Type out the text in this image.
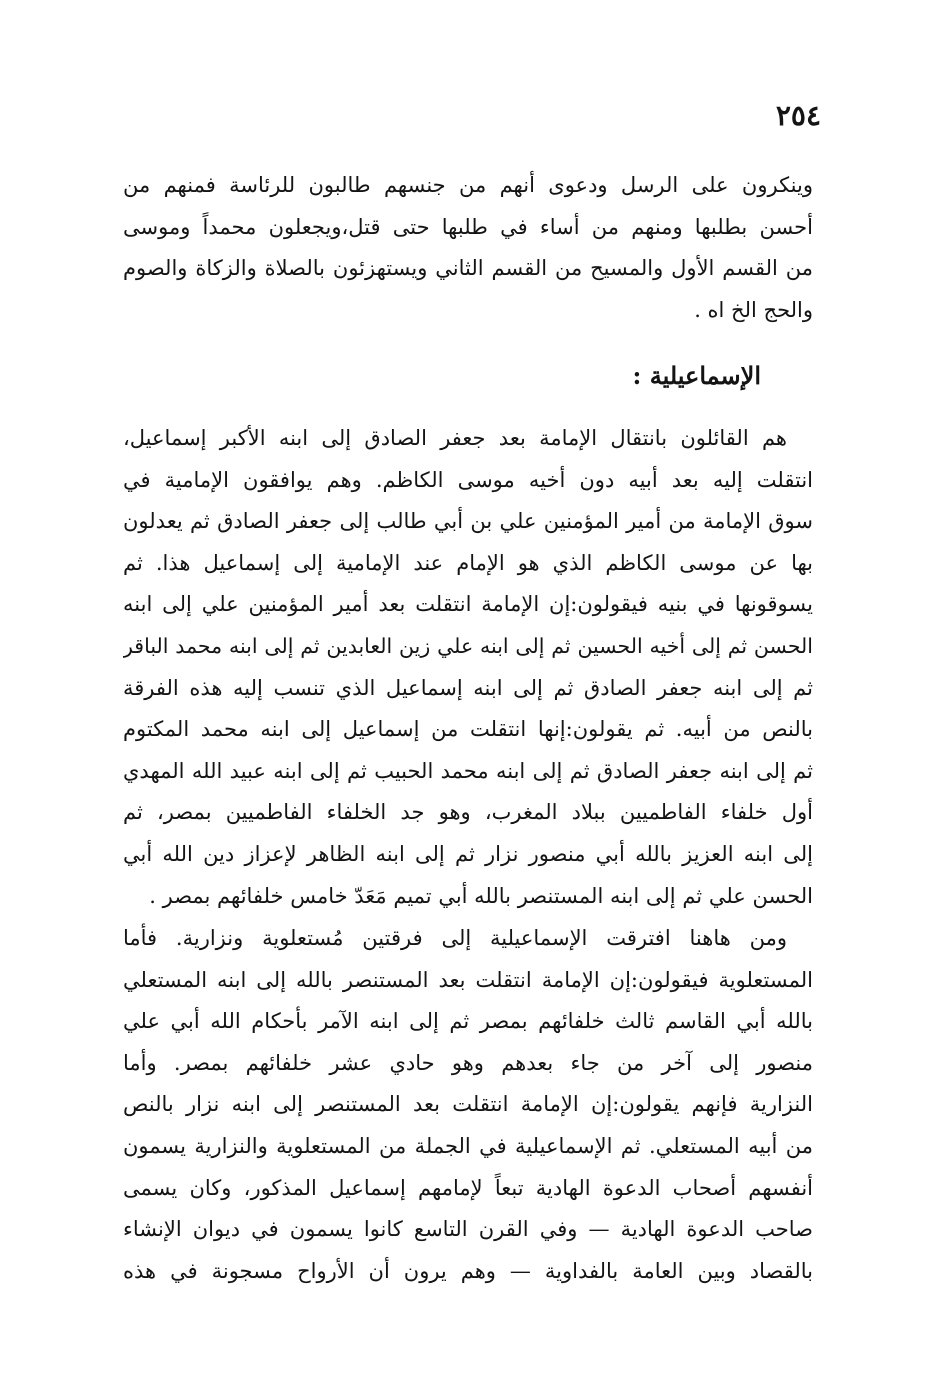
٢٥٤
وينكرون على الرسل ودعوى أنهم من جنسهم طالبون للرئاسة فمنهم من
أحسن بطلبها ومنهم من أساء في طلبها حتى قتل،ويجعلون محمداً وموسى
من القسم الأول والمسيح من القسم الثاني ويستهزئون بالصلاة والزكاة والصوم
والحج الخ اه .
الإسماعيلية :
هم القائلون بانتقال الإمامة بعد جعفر الصادق إلى ابنه الأكبر إسماعيل،
انتقلت إليه بعد أبيه دون أخيه موسى الكاظم. وهم يوافقون الإمامية في
سوق الإمامة من أمير المؤمنين علي بن أبي طالب إلى جعفر الصادق ثم يعدلون
بها عن موسى الكاظم الذي هو الإمام عند الإمامية إلى إسماعيل هذا. ثم
يسوقونها في بنيه فيقولون:إن الإمامة انتقلت بعد أمير المؤمنين علي إلى ابنه
الحسن ثم إلى أخيه الحسين ثم إلى ابنه علي زين العابدين ثم إلى ابنه محمد الباقر
ثم إلى ابنه جعفر الصادق ثم إلى ابنه إسماعيل الذي تنسب إليه هذه الفرقة
بالنص من أبيه. ثم يقولون:إنها انتقلت من إسماعيل إلى ابنه محمد المكتوم
ثم إلى ابنه جعفر الصادق ثم إلى ابنه محمد الحبيب ثم إلى ابنه عبيد الله المهدي
أول خلفاء الفاطميين ببلاد المغرب، وهو جد الخلفاء الفاطميين بمصر، ثم
إلى ابنه العزيز بالله أبي منصور نزار ثم إلى ابنه الظاهر لإعزاز دين الله أبي
الحسن علي ثم إلى ابنه المستنصر بالله أبي تميم مَعَدّ خامس خلفائهم بمصر .
ومن هاهنا افترقت الإسماعيلية إلى فرقتين مُستعلوية ونزارية. فأما
المستعلوية فيقولون:إن الإمامة انتقلت بعد المستنصر بالله إلى ابنه المستعلي
بالله أبي القاسم ثالث خلفائهم بمصر ثم إلى ابنه الآمر بأحكام الله أبي علي
منصور إلى آخر من جاء بعدهم وهو حادي عشر خلفائهم بمصر. وأما
النزارية فإنهم يقولون:إن الإمامة انتقلت بعد المستنصر إلى ابنه نزار بالنص
من أبيه المستعلي. ثم الإسماعيلية في الجملة من المستعلوية والنزارية يسمون
أنفسهم أصحاب الدعوة الهادية تبعاً لإمامهم إسماعيل المذكور، وكان يسمى
صاحب الدعوة الهادية — وفي القرن التاسع كانوا يسمون في ديوان الإنشاء
بالقصاد وبين العامة بالفداوية — وهم يرون أن الأرواح مسجونة في هذه
